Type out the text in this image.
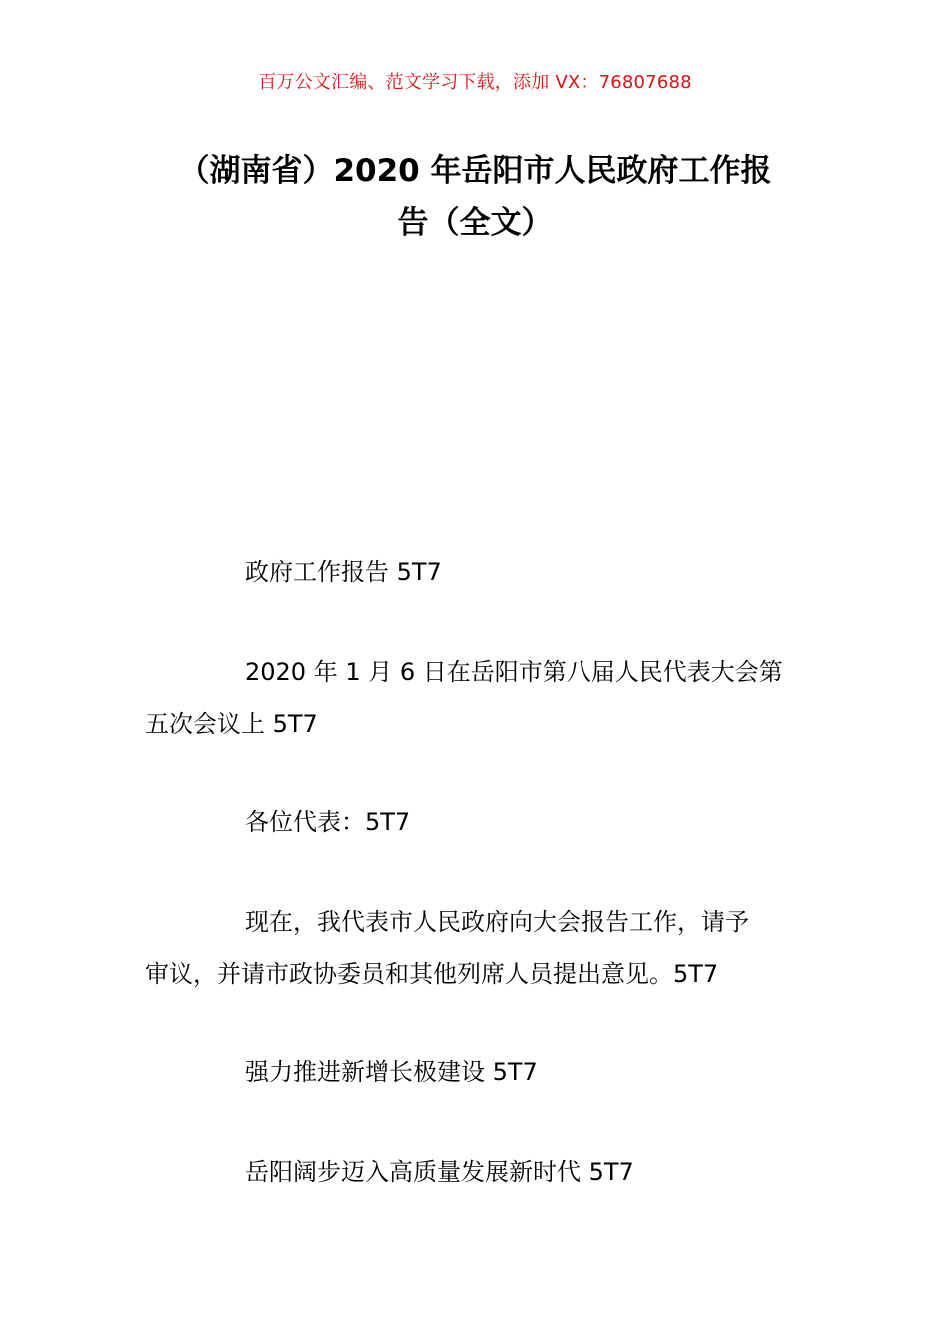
百万公文汇编、范文学习下载，添加 VX：76807688
（湖南省）2020 年岳阳市人民政府工作报
告（全文）
政府工作报告 5T7
2020 年 1 月 6 日在岳阳市第八届人民代表大会第
五次会议上 5T7
各位代表：5T7
现在，我代表市人民政府向大会报告工作，请予
审议，并请市政协委员和其他列席人员提出意见。5T7
强力推进新增长极建设 5T7
岳阳阔步迈入高质量发展新时代 5T7
